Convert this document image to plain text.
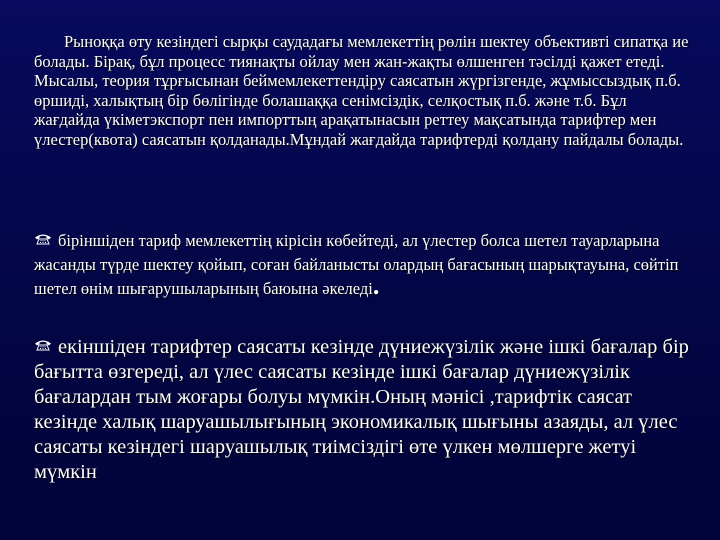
Рыноққа өту кезіндегі сырқы саудадағы мемлекеттің рөлін шектеу объективті сипатқа ие болады. Бірақ, бұл процесс тиянақты ойлау мен жан-жақты өлшенген тәсілді қажет етеді. Мысалы, теория тұрғысынан беймемлекеттендіру саясатын жүргізгенде, жұмыссыздық п.б. өршиді, халықтың бір бөлігінде болашаққа сенімсіздік, селқостық п.б. және т.б. Бұл жағдайда үкіметэкспорт пен импорттың арақатынасын реттеу мақсатында тарифтер мен үлестер(квота) саясатын қолданады.Мұндай жағдайда тарифтерді қолдану пайдалы болады.

біріншіден тариф мемлекеттің кірісін көбейтеді, ал үлестер болса шетел тауарларына жасанды түрде шектеу қойып, соған байланысты олардың бағасының шарықтауына, сөйтіп шетел өнім шығарушыларының баюына әкеледі.

екіншіден тарифтер саясаты кезінде дүниежүзілік және ішкі бағалар бір бағытта өзгереді, ал үлес саясаты кезінде ішкі бағалар дүниежүзілік бағалардан тым жоғары болуы мүмкін.Оның мәнісі ,тарифтік саясат кезінде халық шаруашылығының экономикалық шығыны азаяды, ал үлес саясаты кезіндегі шаруашылық тиімсіздігі өте үлкен мөлшерге жетуі мүмкін
